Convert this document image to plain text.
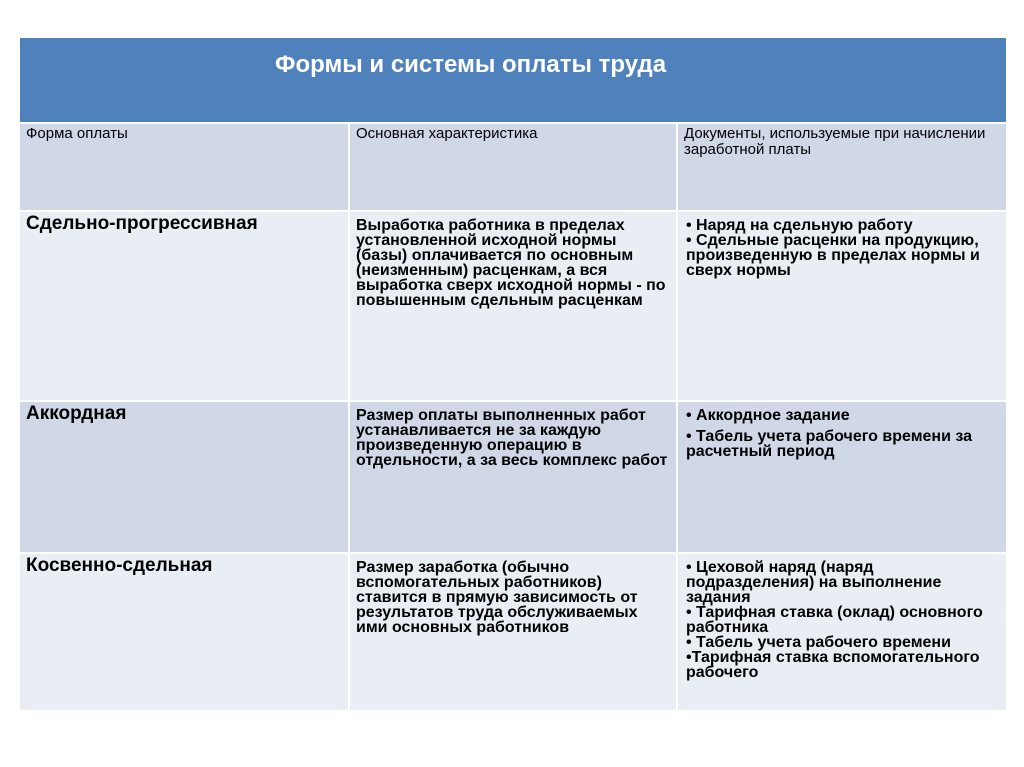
Формы и системы оплаты труда		

Форма оплаты	Основная характеристика	Документы, используемые при начислении заработной платы

Сдельно-прогрессивная	Выработка работника в пределах установленной исходной нормы (базы) оплачивается по основным (неизменным) расценкам, а вся выработка сверх исходной нормы - по повышенным сдельным расценкам	• Наряд на сдельную работу
• Сдельные расценки на продукцию, произведенную в пределах нормы и сверх нормы

Аккордная	Размер оплаты выполненных работ устанавливается не за каждую произведенную операцию в отдельности, а за весь комплекс работ	• Аккордное задание
• Табель учета рабочего времени за расчетный период

Косвенно-сдельная	Размер заработка (обычно вспомогательных работников) ставится в прямую зависимость от результатов труда обслуживаемых ими основных работников	• Цеховой наряд (наряд подразделения) на выполнение задания
• Тарифная ставка (оклад) основного работника
• Табель учета рабочего времени
•Тарифная ставка вспомогательного рабочего
